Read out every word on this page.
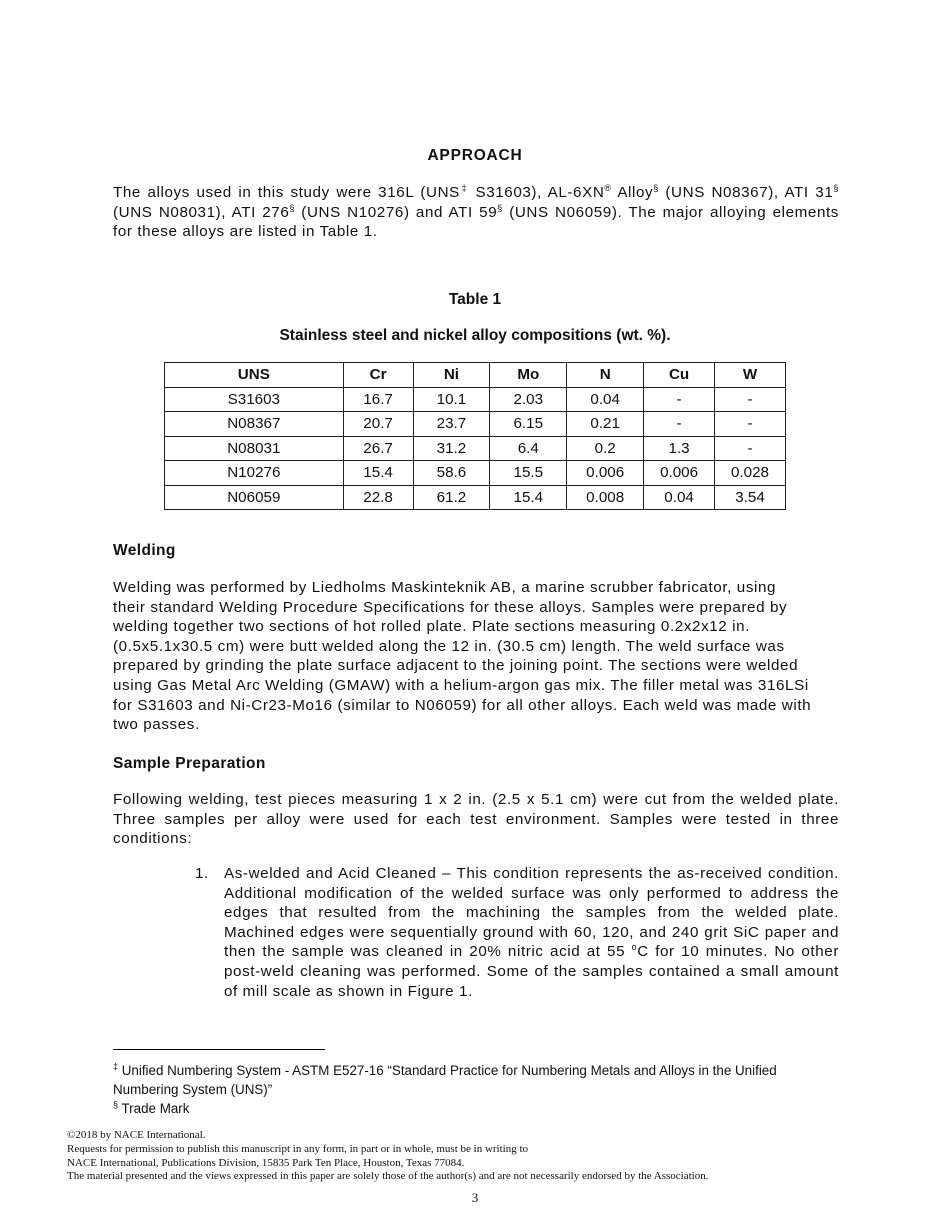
APPROACH
The alloys used in this study were 316L (UNS‡ S31603), AL-6XN® Alloy§ (UNS N08367), ATI 31§ (UNS N08031), ATI 276§ (UNS N10276) and ATI 59§ (UNS N06059). The major alloying elements for these alloys are listed in Table 1.
Table 1
Stainless steel and nickel alloy compositions (wt. %).
UNS	Cr	Ni	Mo	N	Cu	W
S31603	16.7	10.1	2.03	0.04	-	-
N08367	20.7	23.7	6.15	0.21	-	-
N08031	26.7	31.2	6.4	0.2	1.3	-
N10276	15.4	58.6	15.5	0.006	0.006	0.028
N06059	22.8	61.2	15.4	0.008	0.04	3.54
Welding
Welding was performed by Liedholms Maskinteknik AB, a marine scrubber fabricator, using
their standard Welding Procedure Specifications for these alloys. Samples were prepared by
welding together two sections of hot rolled plate. Plate sections measuring 0.2x2x12 in.
(0.5x5.1x30.5 cm) were butt welded along the 12 in. (30.5 cm) length. The weld surface was
prepared by grinding the plate surface adjacent to the joining point. The sections were welded
using Gas Metal Arc Welding (GMAW) with a helium-argon gas mix. The filler metal was 316LSi
for S31603 and Ni-Cr23-Mo16 (similar to N06059) for all other alloys. Each weld was made with
two passes.
Sample Preparation
Following welding, test pieces measuring 1 x 2 in. (2.5 x 5.1 cm) were cut from the welded plate. Three samples per alloy were used for each test environment. Samples were tested in three conditions:
1. As-welded and Acid Cleaned – This condition represents the as-received condition. Additional modification of the welded surface was only performed to address the edges that resulted from the machining the samples from the welded plate. Machined edges were sequentially ground with 60, 120, and 240 grit SiC paper and then the sample was cleaned in 20% nitric acid at 55 $^o$C for 10 minutes. No other post-weld cleaning was performed. Some of the samples contained a small amount of mill scale as shown in Figure 1.
‡ Unified Numbering System - ASTM E527-16 “Standard Practice for Numbering Metals and Alloys in the Unified Numbering System (UNS)”
§ Trade Mark
©2018 by NACE International.
Requests for permission to publish this manuscript in any form, in part or in whole, must be in writing to
NACE International, Publications Division, 15835 Park Ten Place, Houston, Texas 77084.
The material presented and the views expressed in this paper are solely those of the author(s) and are not necessarily endorsed by the Association.
3
